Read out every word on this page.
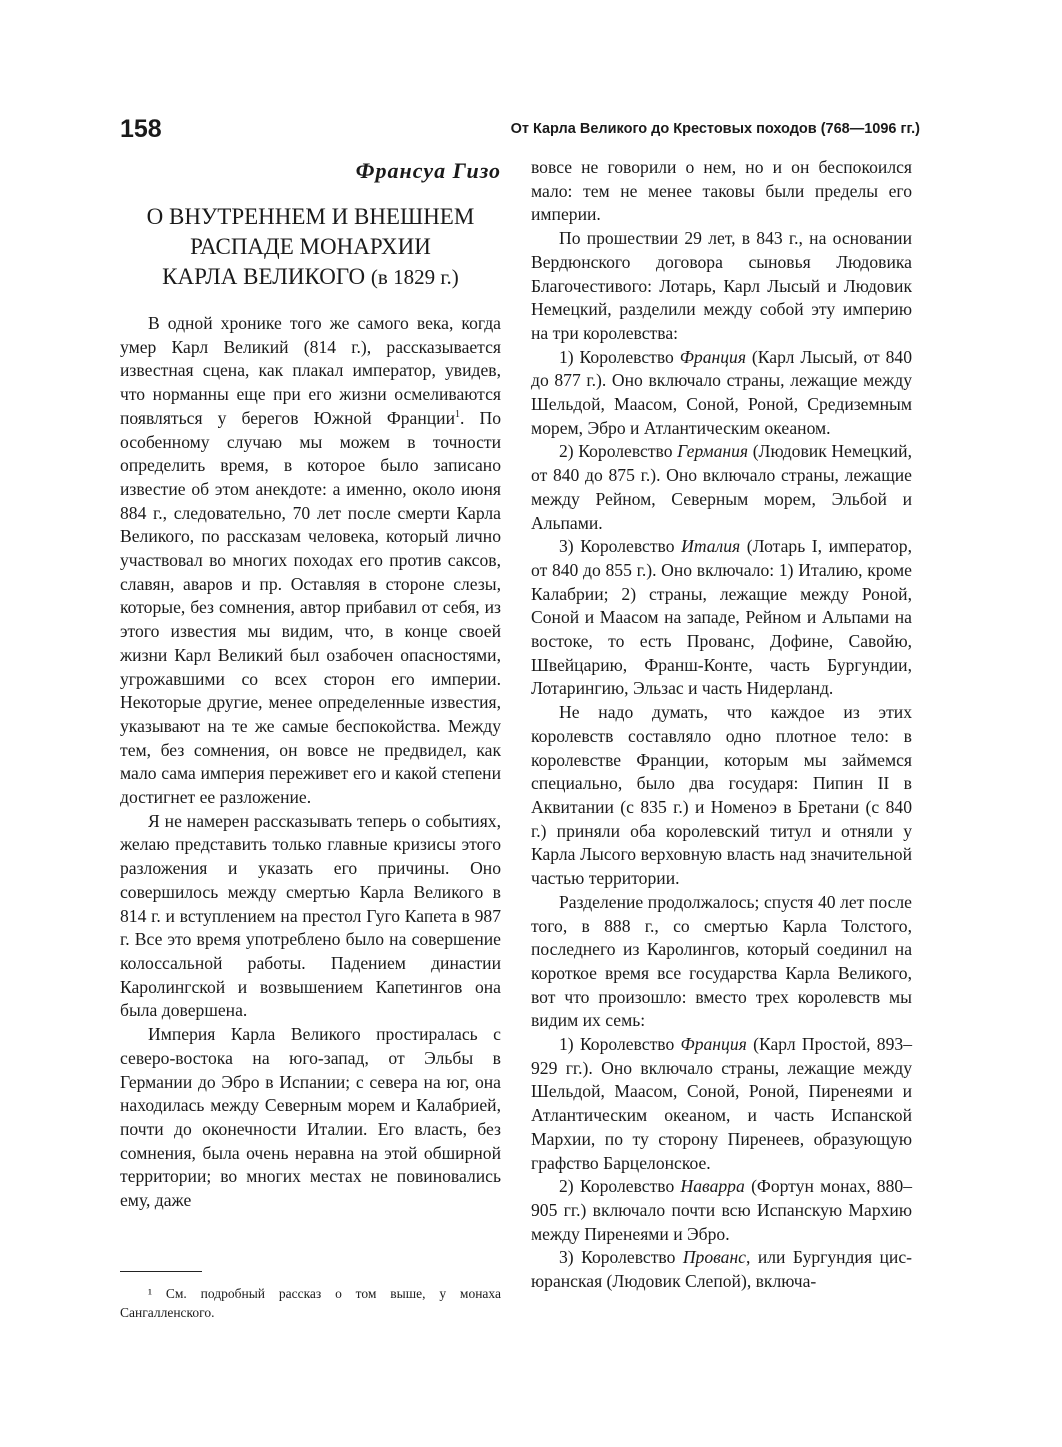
158	От Карла Великого до Крестовых походов (768—1096 гг.)
Франсуа Гизо
О ВНУТРЕННЕМ И ВНЕШНЕМ
РАСПАДЕ МОНАРХИИ
КАРЛА ВЕЛИКОГО (в 1829 г.)

В одной хронике того же самого века, когда умер Карл Великий (814 г.), рассказывается известная сцена, как плакал император, увидев, что норманны еще при его жизни осмеливаются появляться у берегов Южной Франции$^1$. По особенному случаю мы можем в точности определить время, в которое было записано известие об этом анекдоте: а именно, около июня 884 г., следовательно, 70 лет после смерти Карла Великого, по рассказам человека, который лично участвовал во многих походах его против саксов, славян, аваров и пр. Оставляя в стороне слезы, которые, без сомнения, автор прибавил от себя, из этого известия мы видим, что, в конце своей жизни Карл Великий был озабочен опасностями, угрожавшими со всех сторон его империи. Некоторые другие, менее определенные известия, указывают на те же самые беспокойства. Между тем, без сомнения, он вовсе не предвидел, как мало сама империя переживет его и какой степени достигнет ее разложение.

Я не намерен рассказывать теперь о событиях, желаю представить только главные кризисы этого разложения и указать его причины. Оно совершилось между смертью Карла Великого в 814 г. и вступлением на престол Гуго Капета в 987 г. Все это время употреблено было на совершение колоссальной работы. Падением династии Каролингской и возвышением Капетингов она была довершена.

Империя Карла Великого простиралась с северо-востока на юго-запад, от Эльбы в Германии до Эбро в Испании; с севера на юг, она находилась между Северным морем и Калабрией, почти до оконечности Италии. Его власть, без сомнения, была очень неравна на этой обширной территории; во многих местах не повиновались ему, даже

¹ См. подробный рассказ о том выше, у монаха Сангалленского.

вовсе не говорили о нем, но и он беспокоился мало: тем не менее таковы были пределы его империи.

По прошествии 29 лет, в 843 г., на основании Вердюнского договора сыновья Людовика Благочестивого: Лотарь, Карл Лысый и Людовик Немецкий, разделили между собой эту империю на три королевства:

1) Королевство Франция (Карл Лысый, от 840 до 877 г.). Оно включало страны, лежащие между Шельдой, Маасом, Соной, Роной, Средиземным морем, Эбро и Атлантическим океаном.

2) Королевство Германия (Людовик Немецкий, от 840 до 875 г.). Оно включало страны, лежащие между Рейном, Северным морем, Эльбой и Альпами.

3) Королевство Италия (Лотарь I, император, от 840 до 855 г.). Оно включало: 1) Италию, кроме Калабрии; 2) страны, лежащие между Роной, Соной и Маасом на западе, Рейном и Альпами на востоке, то есть Прованс, Дофине, Савойю, Швейцарию, Франш-Конте, часть Бургундии, Лотарингию, Эльзас и часть Нидерланд.

Не надо думать, что каждое из этих королевств составляло одно плотное тело: в королевстве Франции, которым мы займемся специально, было два государя: Пипин II в Аквитании (с 835 г.) и Номеноэ в Бретани (с 840 г.) приняли оба королевский титул и отняли у Карла Лысого верховную власть над значительной частью территории.

Разделение продолжалось; спустя 40 лет после того, в 888 г., со смертью Карла Толстого, последнего из Каролингов, который соединил на короткое время все государства Карла Великого, вот что произошло: вместо трех королевств мы видим их семь:

1) Королевство Франция (Карл Простой, 893–929 гг.). Оно включало страны, лежащие между Шельдой, Маасом, Соной, Роной, Пиренеями и Атлантическим океаном, и часть Испанской Мархии, по ту сторону Пиренеев, образующую графство Барцелонское.

2) Королевство Наварра (Фортун монах, 880–905 гг.) включало почти всю Испанскую Мархию между Пиренеями и Эбро.

3) Королевство Прованс, или Бургундия цис-юранская (Людовик Слепой), включа-
